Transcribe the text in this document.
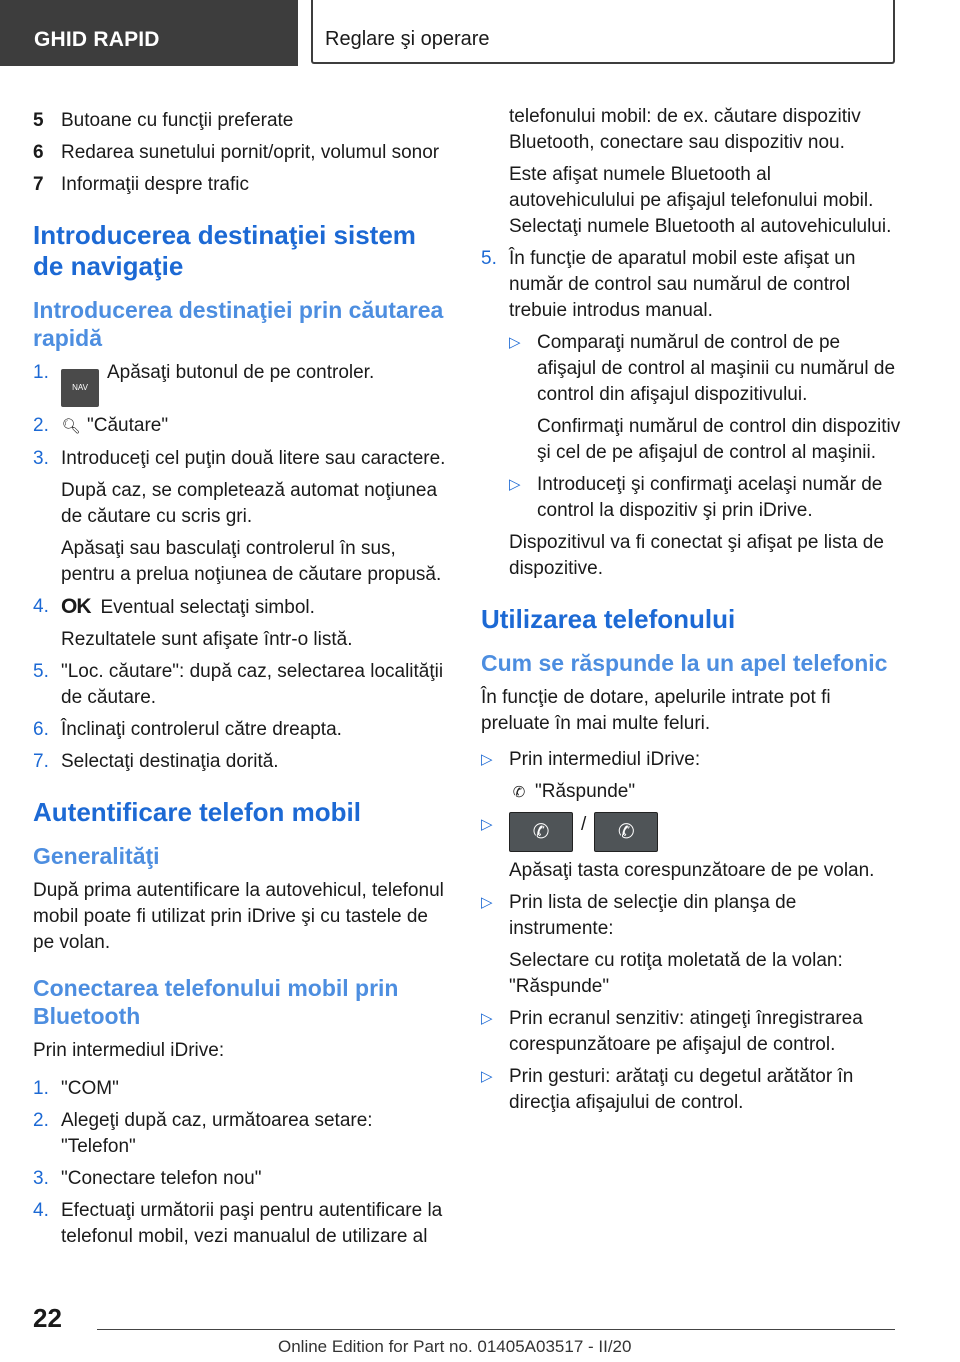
GHID RAPID	Reglare şi operare
5 Butoane cu funcţii preferate
6 Redarea sunetului pornit/oprit, volumul sonor
7 Informaţii despre trafic
Introducerea destinaţiei sistem de navigaţie
Introducerea destinaţiei prin căutarea rapidă
1.
NAVApăsaţi butonul de pe controler.
2. 🔍︎ "Căutare"
3. Introduceţi cel puţin două litere sau caractere.
După caz, se completează automat noţiunea de căutare cu scris gri.
Apăsaţi sau basculaţi controlerul în sus, pentru a prelua noţiunea de căutare propusă.
4. OK Eventual selectaţi simbol.
Rezultatele sunt afişate într-o listă.
5. "Loc. căutare": după caz, selectarea localităţii de căutare.
6. Înclinaţi controlerul către dreapta.
7. Selectaţi destinaţia dorită.
Autentificare telefon mobil
Generalităţi
După prima autentificare la autovehicul, telefonul mobil poate fi utilizat prin iDrive şi cu tastele de pe volan.
Conectarea telefonului mobil prin Bluetooth
Prin intermediul iDrive:
1. "COM"
2. Alegeţi după caz, următoarea setare: "Telefon"
3. "Conectare telefon nou"
4. Efectuaţi următorii paşi pentru autentificare la telefonul mobil, vezi manualul de utilizare al
telefonului mobil: de ex. căutare dispozitiv Bluetooth, conectare sau dispozitiv nou.
Este afişat numele Bluetooth al autovehiculului pe afişajul telefonului mobil. Selectaţi numele Bluetooth al autovehiculului.
5. În funcţie de aparatul mobil este afişat un număr de control sau numărul de control trebuie introdus manual.
▷ Comparaţi numărul de control de pe afişajul de control al maşinii cu numărul de control din afişajul dispozitivului.
Confirmaţi numărul de control din dispozitiv şi cel de pe afişajul de control al maşinii.
▷ Introduceţi şi confirmaţi acelaşi număr de control la dispozitiv şi prin iDrive.
Dispozitivul va fi conectat şi afişat pe lista de dispozitive.
Utilizarea telefonului
Cum se răspunde la un apel telefonic
În funcţie de dotare, apelurile intrate pot fi preluate în mai multe feluri.
▷ Prin intermediul iDrive:
✆ "Răspunde"
▷ ✆ / ✆
Apăsaţi tasta corespunzătoare de pe volan.
▷ Prin lista de selecţie din planşa de instrumente:
Selectare cu rotiţa moletată de la volan: "Răspunde"
▷ Prin ecranul senzitiv: atingeţi înregistrarea corespunzătoare pe afişajul de control.
▷ Prin gesturi: arătaţi cu degetul arătător în direcţia afişajului de control.
22
Online Edition for Part no. 01405A03517 - II/20
